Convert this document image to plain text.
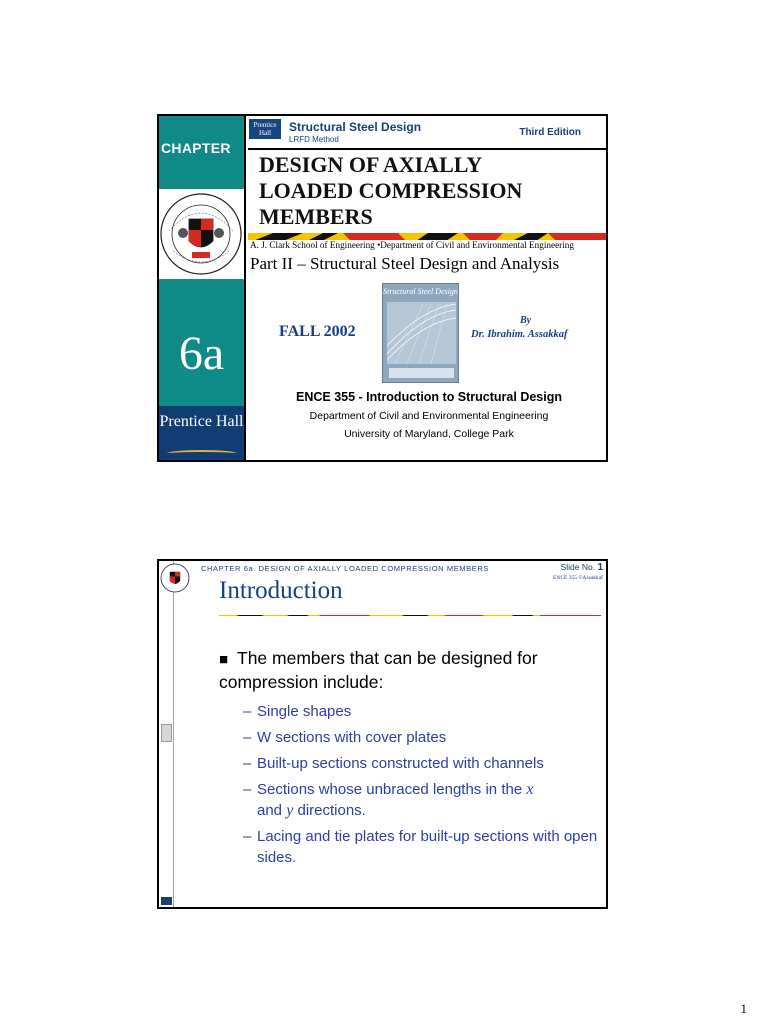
CHAPTER
6a
Prentice Hall
Prentice Hall	Structural Steel Design
LRFD Method
Third Edition
DESIGN OF AXIALLY
LOADED COMPRESSION
MEMBERS
A. J. Clark School of Engineering •Department of Civil and Environmental Engineering
Part II – Structural Steel Design and Analysis
FALL 2002
Structural Steel Design
By
Dr. Ibrahim. Assakkaf
ENCE 355 - Introduction to Structural Design
Department of Civil and Environmental Engineering
University of Maryland, College Park
CHAPTER 6a. DESIGN OF AXIALLY LOADED COMPRESSION MEMBERS	Slide No. 1
ENCE 355 ©Assakkaf
Introduction
■ The members that can be designed for compression include:
– Single shapes
– W sections with cover plates
– Built-up sections constructed with channels
– Sections whose unbraced lengths in the x
and y directions.
– Lacing and tie plates for built-up sections with open sides.
1
